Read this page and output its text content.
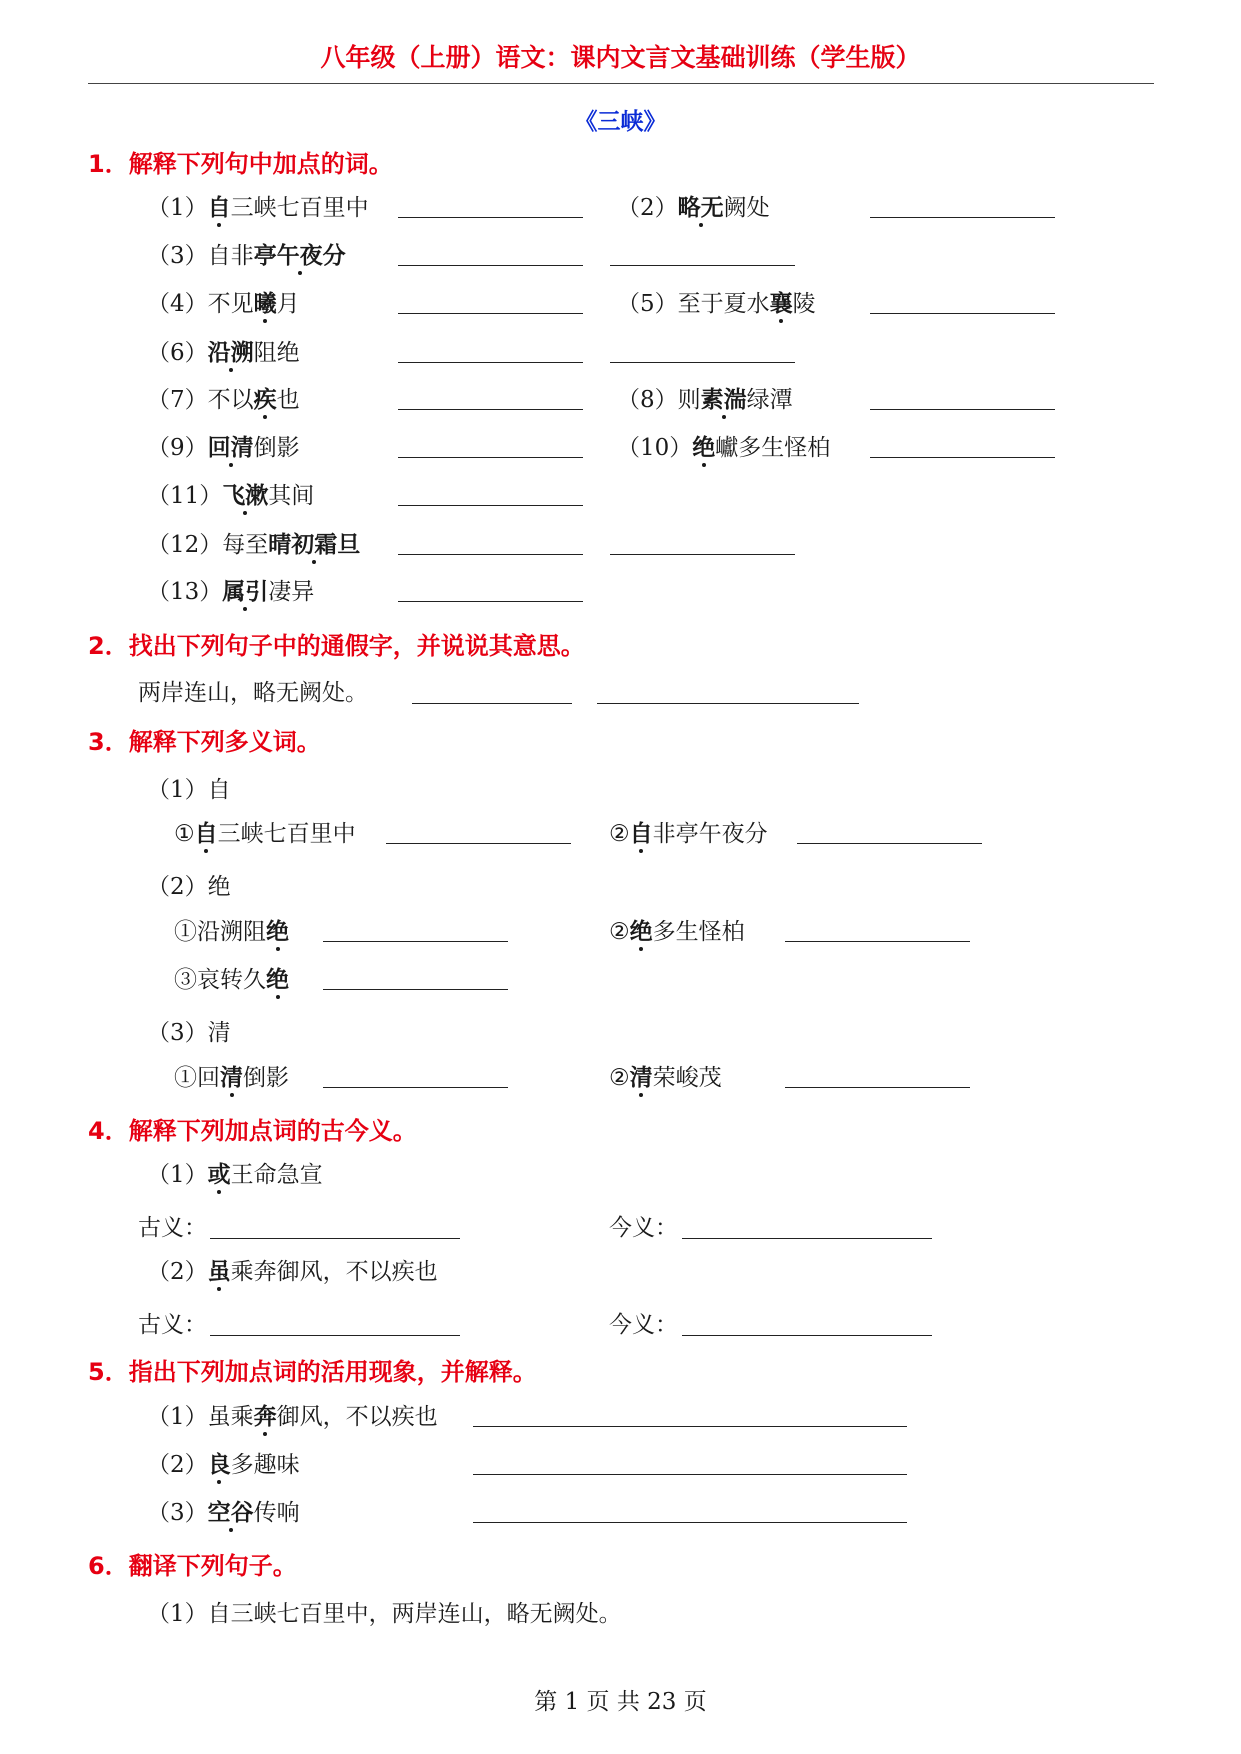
八年级（上册）语文：课内文言文基础训练（学生版）
《三峡》
1．解释下列句中加点的词。
（1）自三峡七百里中	（2）略无阙处
（3）自非亭午夜分
（4）不见曦月	（5）至于夏水襄陵
（6）沿溯阻绝
（7）不以疾也	（8）则素湍绿潭
（9）回清倒影	（10）绝巘多生怪柏
（11）飞漱其间
（12）每至晴初霜旦
（13）属引凄异
2．找出下列句子中的通假字，并说说其意思。
两岸连山，略无阙处。
3．解释下列多义词。
（1）自
①自三峡七百里中	②自非亭午夜分
（2）绝
①沿溯阻绝	②绝多生怪柏
③哀转久绝
（3）清
①回清倒影	②清荣峻茂
4．解释下列加点词的古今义。
（1）或王命急宣
古义：	今义：
（2）虽乘奔御风，不以疾也
古义：	今义：
5．指出下列加点词的活用现象，并解释。
（1）虽乘奔御风，不以疾也
（2）良多趣味
（3）空谷传响
6．翻译下列句子。
（1）自三峡七百里中，两岸连山，略无阙处。
第 1 页 共 23 页
